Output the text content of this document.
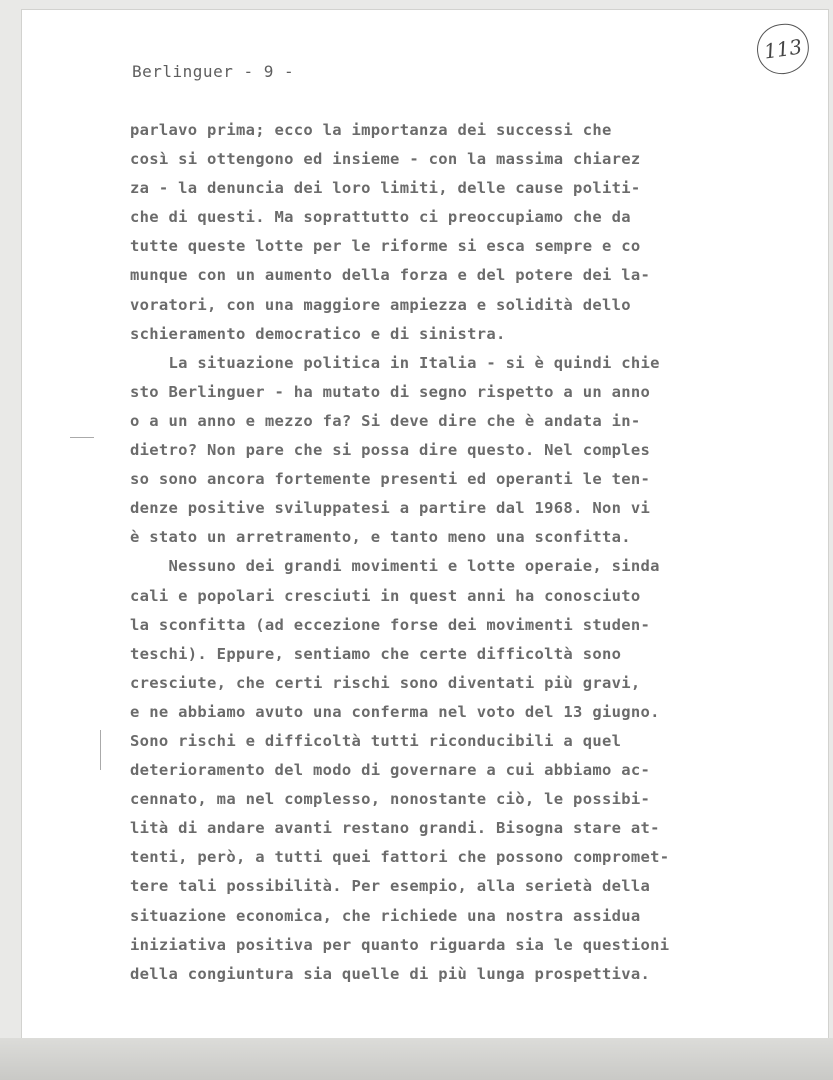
Berlinguer - 9 -
113
parlavo prima; ecco la importanza dei successi che
così si ottengono ed insieme - con la massima chiarez
za - la denuncia dei loro limiti, delle cause politi-
che di questi. Ma soprattutto ci preoccupiamo che da
tutte queste lotte per le riforme si esca sempre e co
munque con un aumento della forza e del potere dei la-
voratori, con una maggiore ampiezza e solidità dello
schieramento democratico e di sinistra.
La situazione politica in Italia - si è quindi chie
sto Berlinguer - ha mutato di segno rispetto a un anno
o a un anno e mezzo fa? Si deve dire che è andata in-
dietro? Non pare che si possa dire questo. Nel comples
so sono ancora fortemente presenti ed operanti le ten-
denze positive sviluppatesi a partire dal 1968. Non vi
è stato un arretramento, e tanto meno una sconfitta.
Nessuno dei grandi movimenti e lotte operaie, sinda
cali e popolari cresciuti in quest anni ha conosciuto
la sconfitta (ad eccezione forse dei movimenti studen-
teschi). Eppure, sentiamo che certe difficoltà sono
cresciute, che certi rischi sono diventati più gravi,
e ne abbiamo avuto una conferma nel voto del 13 giugno.
Sono rischi e difficoltà tutti riconducibili a quel
deterioramento del modo di governare a cui abbiamo ac-
cennato, ma nel complesso, nonostante ciò, le possibi-
lità di andare avanti restano grandi. Bisogna stare at-
tenti, però, a tutti quei fattori che possono compromet-
tere tali possibilità. Per esempio, alla serietà della
situazione economica, che richiede una nostra assidua
iniziativa positiva per quanto riguarda sia le questioni
della congiuntura sia quelle di più lunga prospettiva.
